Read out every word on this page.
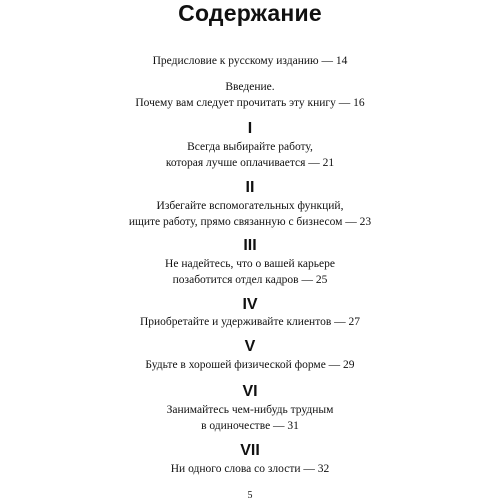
Содержание
Предисловие к русскому изданию — 14
Введение.
Почему вам следует прочитать эту книгу — 16
I
Всегда выбирайте работу,
которая лучше оплачивается — 21
II
Избегайте вспомогательных функций,
ищите работу, прямо связанную с бизнесом — 23
III
Не надейтесь, что о вашей карьере
позаботится отдел кадров — 25
IV
Приобретайте и удерживайте клиентов — 27
V
Будьте в хорошей физической форме — 29
VI
Занимайтесь чем-нибудь трудным
в одиночестве — 31
VII
Ни одного слова со злости — 32
5
